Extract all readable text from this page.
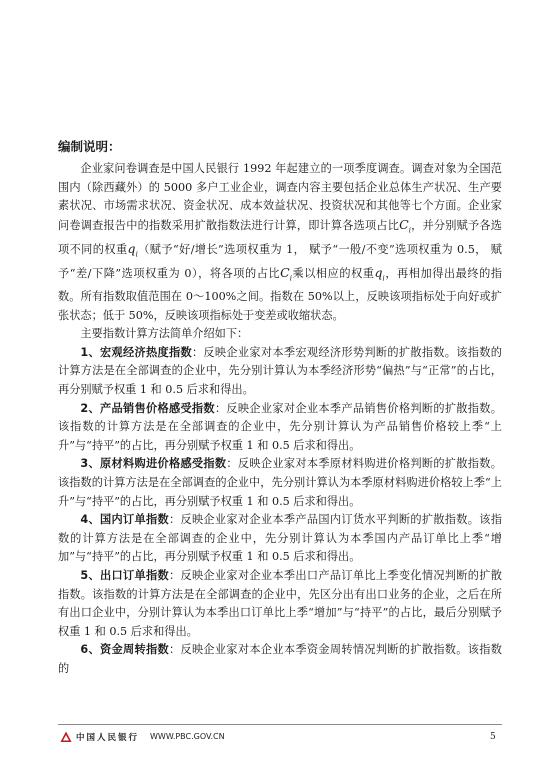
编制说明：

企业家问卷调查是中国人民银行 1992 年起建立的一项季度调查。调查对象为全国范围内（除西藏外）的 5000 多户工业企业，调查内容主要包括企业总体生产状况、生产要素状况、市场需求状况、资金状况、成本效益状况、投资状况和其他等七个方面。企业家问卷调查报告中的指数采用扩散指数法进行计算，即计算各选项占比$C_i$，并分别赋予各选项不同的权重$q_i$（赋予“好/增长”选项权重为 1， 赋予“一般/不变”选项权重为 0.5， 赋予“差/下降”选项权重为 0），将各项的占比$C_i$乘以相应的权重$q_i$，再相加得出最终的指数。所有指数取值范围在 0～100%之间。指数在 50%以上，反映该项指标处于向好或扩张状态；低于 50%，反映该项指标处于变差或收缩状态。

主要指数计算方法简单介绍如下：

1、宏观经济热度指数：反映企业家对本季宏观经济形势判断的扩散指数。该指数的计算方法是在全部调查的企业中，先分别计算认为本季经济形势“偏热”与“正常”的占比，再分别赋予权重 1 和 0.5 后求和得出。

2、产品销售价格感受指数：反映企业家对企业本季产品销售价格判断的扩散指数。该指数的计算方法是在全部调查的企业中，先分别计算认为产品销售价格较上季“上升”与“持平”的占比，再分别赋予权重 1 和 0.5 后求和得出。

3、原材料购进价格感受指数：反映企业家对本季原材料购进价格判断的扩散指数。该指数的计算方法是在全部调查的企业中，先分别计算认为本季原材料购进价格较上季“上升”与“持平”的占比，再分别赋予权重 1 和 0.5 后求和得出。

4、国内订单指数：反映企业家对企业本季产品国内订货水平判断的扩散指数。该指数的计算方法是在全部调查的企业中，先分别计算认为本季国内产品订单比上季“增加”与“持平”的占比，再分别赋予权重 1 和 0.5 后求和得出。

5、出口订单指数：反映企业家对企业本季出口产品订单比上季变化情况判断的扩散指数。该指数的计算方法是在全部调查的企业中，先区分出有出口业务的企业，之后在所有出口企业中，分别计算认为本季出口订单比上季“增加”与“持平”的占比，最后分别赋予权重 1 和 0.5 后求和得出。

6、资金周转指数：反映企业家对本企业本季资金周转情况判断的扩散指数。该指数的

中国人民银行 WWW.PBC.GOV.CN	5
